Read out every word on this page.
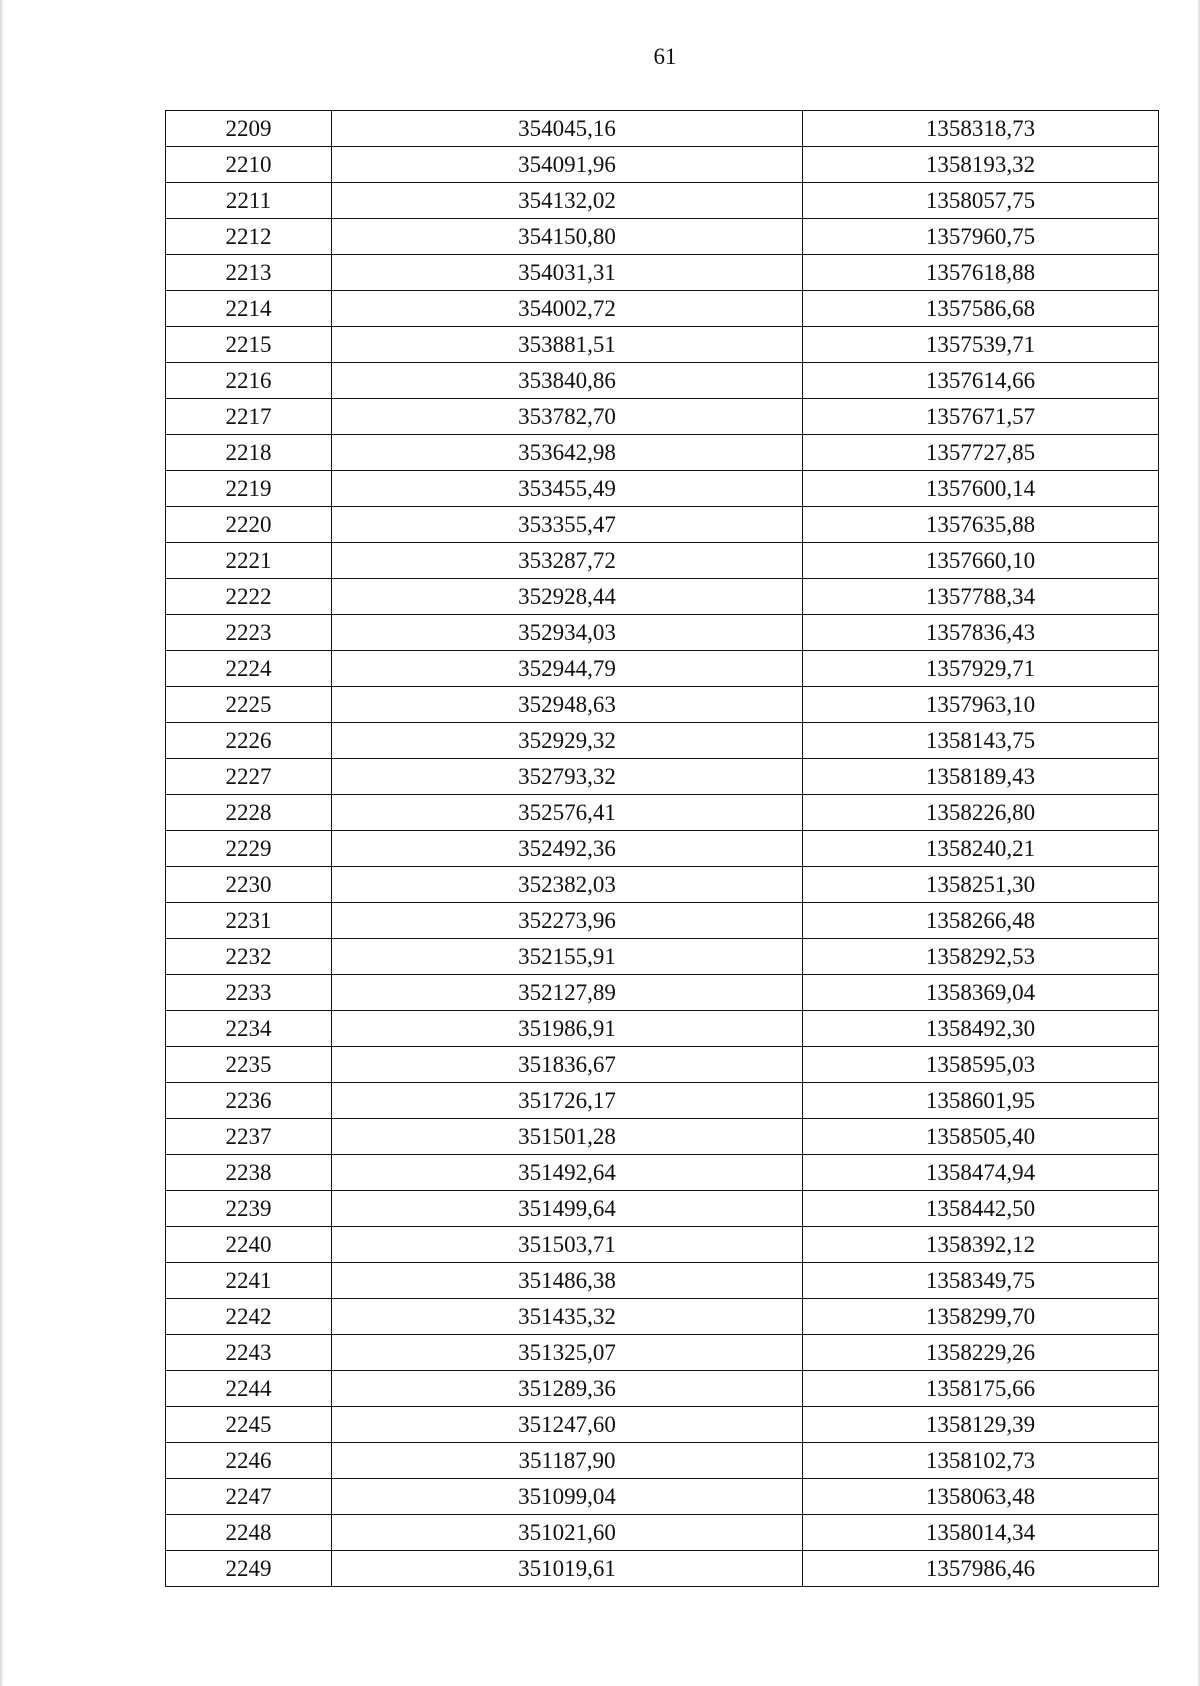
61
2209	354045,16	1358318,73
2210	354091,96	1358193,32
2211	354132,02	1358057,75
2212	354150,80	1357960,75
2213	354031,31	1357618,88
2214	354002,72	1357586,68
2215	353881,51	1357539,71
2216	353840,86	1357614,66
2217	353782,70	1357671,57
2218	353642,98	1357727,85
2219	353455,49	1357600,14
2220	353355,47	1357635,88
2221	353287,72	1357660,10
2222	352928,44	1357788,34
2223	352934,03	1357836,43
2224	352944,79	1357929,71
2225	352948,63	1357963,10
2226	352929,32	1358143,75
2227	352793,32	1358189,43
2228	352576,41	1358226,80
2229	352492,36	1358240,21
2230	352382,03	1358251,30
2231	352273,96	1358266,48
2232	352155,91	1358292,53
2233	352127,89	1358369,04
2234	351986,91	1358492,30
2235	351836,67	1358595,03
2236	351726,17	1358601,95
2237	351501,28	1358505,40
2238	351492,64	1358474,94
2239	351499,64	1358442,50
2240	351503,71	1358392,12
2241	351486,38	1358349,75
2242	351435,32	1358299,70
2243	351325,07	1358229,26
2244	351289,36	1358175,66
2245	351247,60	1358129,39
2246	351187,90	1358102,73
2247	351099,04	1358063,48
2248	351021,60	1358014,34
2249	351019,61	1357986,46
